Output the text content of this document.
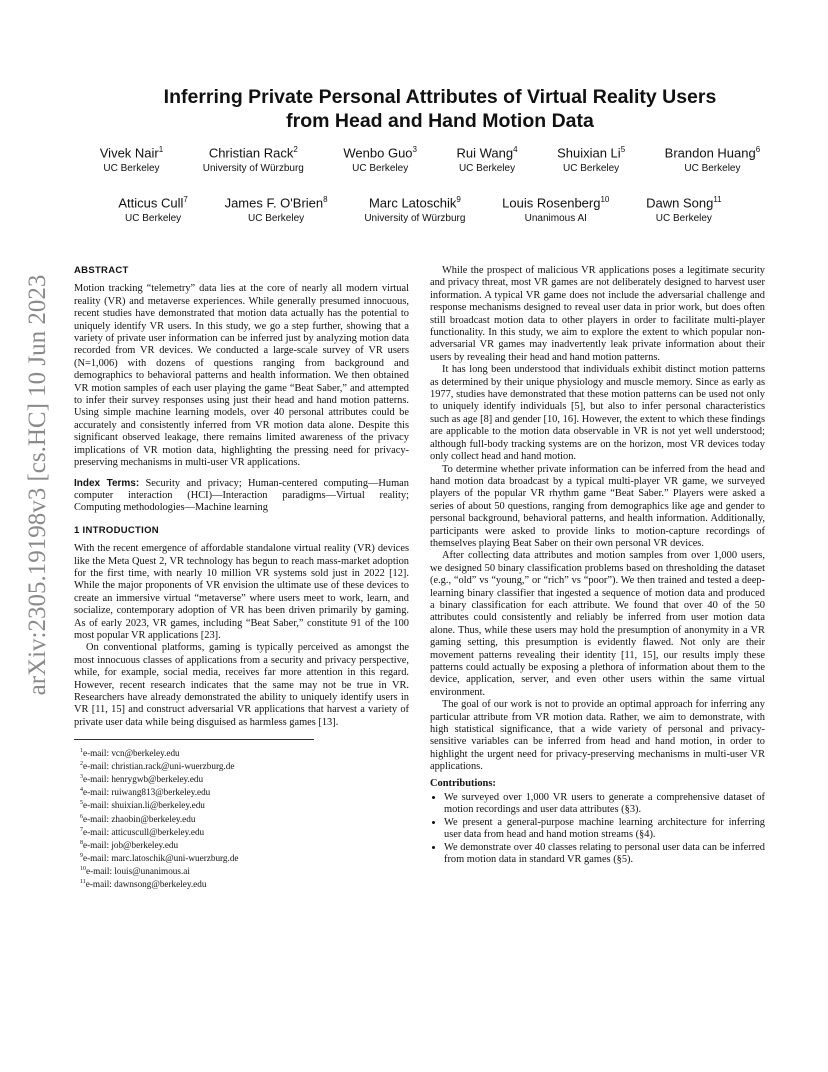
arXiv:2305.19198v3 [cs.HC] 10 Jun 2023
Inferring Private Personal Attributes of Virtual Reality Users
from Head and Hand Motion Data
Vivek Nair$^1$
UC Berkeley
Christian Rack$^2$
University of Würzburg
Wenbo Guo$^3$
UC Berkeley
Rui Wang$^4$
UC Berkeley
Shuixian Li$^5$
UC Berkeley
Brandon Huang$^6$
UC Berkeley
Atticus Cull$^7$
UC Berkeley
James F. O'Brien$^8$
UC Berkeley
Marc Latoschik$^9$
University of Würzburg
Louis Rosenberg$^{10}$
Unanimous AI
Dawn Song$^{11}$
UC Berkeley
ABSTRACT

Motion tracking “telemetry” data lies at the core of nearly all modern virtual reality (VR) and metaverse experiences. While generally presumed innocuous, recent studies have demonstrated that motion data actually has the potential to uniquely identify VR users. In this study, we go a step further, showing that a variety of private user information can be inferred just by analyzing motion data recorded from VR devices. We conducted a large-scale survey of VR users (N=1,006) with dozens of questions ranging from background and demographics to behavioral patterns and health information. We then obtained VR motion samples of each user playing the game “Beat Saber,” and attempted to infer their survey responses using just their head and hand motion patterns. Using simple machine learning models, over 40 personal attributes could be accurately and consistently inferred from VR motion data alone. Despite this significant observed leakage, there remains limited awareness of the privacy implications of VR motion data, highlighting the pressing need for privacy-preserving mechanisms in multi-user VR applications.

Index Terms: Security and privacy; Human-centered computing—Human computer interaction (HCI)—Interaction paradigms—Virtual reality; Computing methodologies—Machine learning

1 INTRODUCTION

With the recent emergence of affordable standalone virtual reality (VR) devices like the Meta Quest 2, VR technology has begun to reach mass-market adoption for the first time, with nearly 10 million VR systems sold just in 2022 [12]. While the major proponents of VR envision the ultimate use of these devices to create an immersive virtual “metaverse” where users meet to work, learn, and socialize, contemporary adoption of VR has been driven primarily by gaming. As of early 2023, VR games, including “Beat Saber,” constitute 91 of the 100 most popular VR applications [23].

On conventional platforms, gaming is typically perceived as amongst the most innocuous classes of applications from a security and privacy perspective, while, for example, social media, receives far more attention in this regard. However, recent research indicates that the same may not be true in VR. Researchers have already demonstrated the ability to uniquely identify users in VR [11, 15] and construct adversarial VR applications that harvest a variety of private user data while being disguised as harmless games [13].

$^1$e-mail: vcn@berkeley.edu
$^2$e-mail: christian.rack@uni-wuerzburg.de
$^3$e-mail: henrygwb@berkeley.edu
$^4$e-mail: ruiwang813@berkeley.edu
$^5$e-mail: shuixian.li@berkeley.edu
$^6$e-mail: zhaobin@berkeley.edu
$^7$e-mail: atticuscull@berkeley.edu
$^8$e-mail: job@berkeley.edu
$^9$e-mail: marc.latoschik@uni-wuerzburg.de
$^{10}$e-mail: louis@unanimous.ai
$^{11}$e-mail: dawnsong@berkeley.edu

While the prospect of malicious VR applications poses a legitimate security and privacy threat, most VR games are not deliberately designed to harvest user information. A typical VR game does not include the adversarial challenge and response mechanisms designed to reveal user data in prior work, but does often still broadcast motion data to other players in order to facilitate multi-player functionality. In this study, we aim to explore the extent to which popular non-adversarial VR games may inadvertently leak private information about their users by revealing their head and hand motion patterns.

It has long been understood that individuals exhibit distinct motion patterns as determined by their unique physiology and muscle memory. Since as early as 1977, studies have demonstrated that these motion patterns can be used not only to uniquely identify individuals [5], but also to infer personal characteristics such as age [8] and gender [10, 16]. However, the extent to which these findings are applicable to the motion data observable in VR is not yet well understood; although full-body tracking systems are on the horizon, most VR devices today only collect head and hand motion.

To determine whether private information can be inferred from the head and hand motion data broadcast by a typical multi-player VR game, we surveyed players of the popular VR rhythm game “Beat Saber.” Players were asked a series of about 50 questions, ranging from demographics like age and gender to personal background, behavioral patterns, and health information. Additionally, participants were asked to provide links to motion-capture recordings of themselves playing Beat Saber on their own personal VR devices.

After collecting data attributes and motion samples from over 1,000 users, we designed 50 binary classification problems based on thresholding the dataset (e.g., “old” vs “young,” or “rich” vs “poor”). We then trained and tested a deep-learning binary classifier that ingested a sequence of motion data and produced a binary classification for each attribute. We found that over 40 of the 50 attributes could consistently and reliably be inferred from user motion data alone. Thus, while these users may hold the presumption of anonymity in a VR gaming setting, this presumption is evidently flawed. Not only are their movement patterns revealing their identity [11, 15], our results imply these patterns could actually be exposing a plethora of information about them to the device, application, server, and even other users within the same virtual environment.

The goal of our work is not to provide an optimal approach for inferring any particular attribute from VR motion data. Rather, we aim to demonstrate, with high statistical significance, that a wide variety of personal and privacy-sensitive variables can be inferred from head and hand motion, in order to highlight the urgent need for privacy-preserving mechanisms in multi-user VR applications.

Contributions:
• We surveyed over 1,000 VR users to generate a comprehensive dataset of motion recordings and user data attributes (§3).
• We present a general-purpose machine learning architecture for inferring user data from head and hand motion streams (§4).
• We demonstrate over 40 classes relating to personal user data can be inferred from motion data in standard VR games (§5).
